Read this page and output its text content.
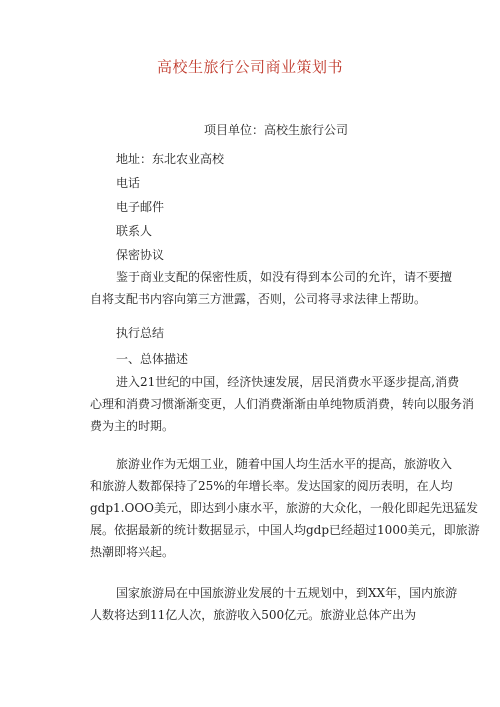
高校生旅行公司商业策划书
项目单位：高校生旅行公司
地址：东北农业高校
电话
电子邮件
联系人
保密协议
鉴于商业支配的保密性质，如没有得到本公司的允许，请不要擅
自将支配书内容向第三方泄露，否则，公司将寻求法律上帮助。
执行总结
一、总体描述
进入21世纪的中国，经济快速发展，居民消费水平逐步提高,消费
心理和消费习惯渐渐变更，人们消费渐渐由单纯物质消费，转向以服务消
费为主的时期。
旅游业作为无烟工业，随着中国人均生活水平的提高，旅游收入
和旅游人数都保持了25%的年增长率。发达国家的阅历表明，在人均
gdp1.OOO美元，即达到小康水平，旅游的大众化，一般化即起先迅猛发
展。依据最新的统计数据显示，中国人均gdp已经超过1000美元，即旅游
热潮即将兴起。
国家旅游局在中国旅游业发展的十五规划中，到XX年，国内旅游
人数将达到11亿人次，旅游收入500亿元。旅游业总体产出为
